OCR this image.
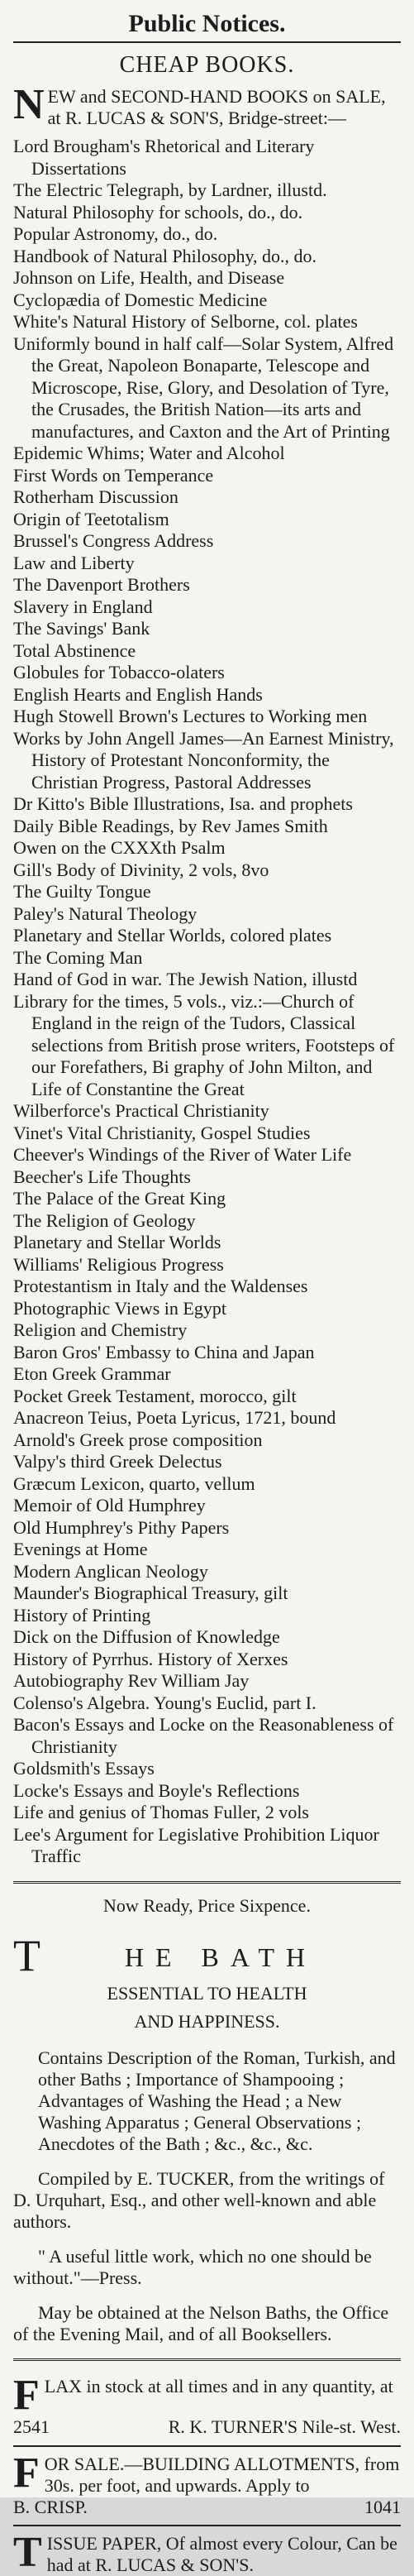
Public Notices.
CHEAP BOOKS.
NEW and SECOND-HAND BOOKS on SALE, at R. LUCAS & SON'S, Bridge-street:—
Lord Brougham's Rhetorical and Literary Dissertations
The Electric Telegraph, by Lardner, illustd.
Natural Philosophy for schools, do., do.
Popular Astronomy, do., do.
Handbook of Natural Philosophy, do., do.
Johnson on Life, Health, and Disease
Cyclopædia of Domestic Medicine
White's Natural History of Selborne, col. plates
Uniformly bound in half calf—Solar System, Alfred the Great, Napoleon Bonaparte, Telescope and Microscope, Rise, Glory, and Desolation of Tyre, the Crusades, the British Nation—its arts and manufactures, and Caxton and the Art of Printing
Epidemic Whims; Water and Alcohol
First Words on Temperance
Rotherham Discussion
Origin of Teetotalism
Brussel's Congress Address
Law and Liberty
The Davenport Brothers
Slavery in England
The Savings' Bank
Total Abstinence
Globules for Tobacco-olaters
English Hearts and English Hands
Hugh Stowell Brown's Lectures to Working men
Works by John Angell James—An Earnest Ministry, History of Protestant Nonconformity, the Christian Progress, Pastoral Addresses
Dr Kitto's Bible Illustrations, Isa. and prophets
Daily Bible Readings, by Rev James Smith
Owen on the CXXXth Psalm
Gill's Body of Divinity, 2 vols, 8vo
The Guilty Tongue
Paley's Natural Theology
Planetary and Stellar Worlds, colored plates
The Coming Man
Hand of God in war. The Jewish Nation, illustd
Library for the times, 5 vols., viz.:—Church of England in the reign of the Tudors, Classical selections from British prose writers, Footsteps of our Forefathers, Bi graphy of John Milton, and Life of Constantine the Great
Wilberforce's Practical Christianity
Vinet's Vital Christianity, Gospel Studies
Cheever's Windings of the River of Water Life
Beecher's Life Thoughts
The Palace of the Great King
The Religion of Geology
Planetary and Stellar Worlds
Williams' Religious Progress
Protestantism in Italy and the Waldenses
Photographic Views in Egypt
Religion and Chemistry
Baron Gros' Embassy to China and Japan
Eton Greek Grammar
Pocket Greek Testament, morocco, gilt
Anacreon Teius, Poeta Lyricus, 1721, bound
Arnold's Greek prose composition
Valpy's third Greek Delectus
Græcum Lexicon, quarto, vellum
Memoir of Old Humphrey
Old Humphrey's Pithy Papers
Evenings at Home
Modern Anglican Neology
Maunder's Biographical Treasury, gilt
History of Printing
Dick on the Diffusion of Knowledge
History of Pyrrhus. History of Xerxes
Autobiography Rev William Jay
Colenso's Algebra. Young's Euclid, part I.
Bacon's Essays and Locke on the Reasonableness of Christianity
Goldsmith's Essays
Locke's Essays and Boyle's Reflections
Life and genius of Thomas Fuller, 2 vols
Lee's Argument for Legislative Prohibition Liquor Traffic
Now Ready, Price Sixpence.
T	HE BATH
ESSENTIAL TO HEALTH
AND HAPPINESS.
Contains Description of the Roman, Turkish, and other Baths ; Importance of Shampooing ; Advantages of Washing the Head ; a New Washing Apparatus ; General Observations ; Anecdotes of the Bath ; &c., &c., &c.
Compiled by E. TUCKER, from the writings of D. Urquhart, Esq., and other well-known and able authors.
" A useful little work, which no one should be without."—Press.
May be obtained at the Nelson Baths, the Office of the Evening Mail, and of all Booksellers.
FLAX in stock at all times and in any quantity, at
2541	R. K. TURNER'S Nile-st. West.
FOR SALE.—BUILDING ALLOTMENTS, from 30s. per foot, and upwards. Apply to
B. CRISP.	1041
TISSUE PAPER, Of almost every Colour, Can be had at R. LUCAS & SON'S.
